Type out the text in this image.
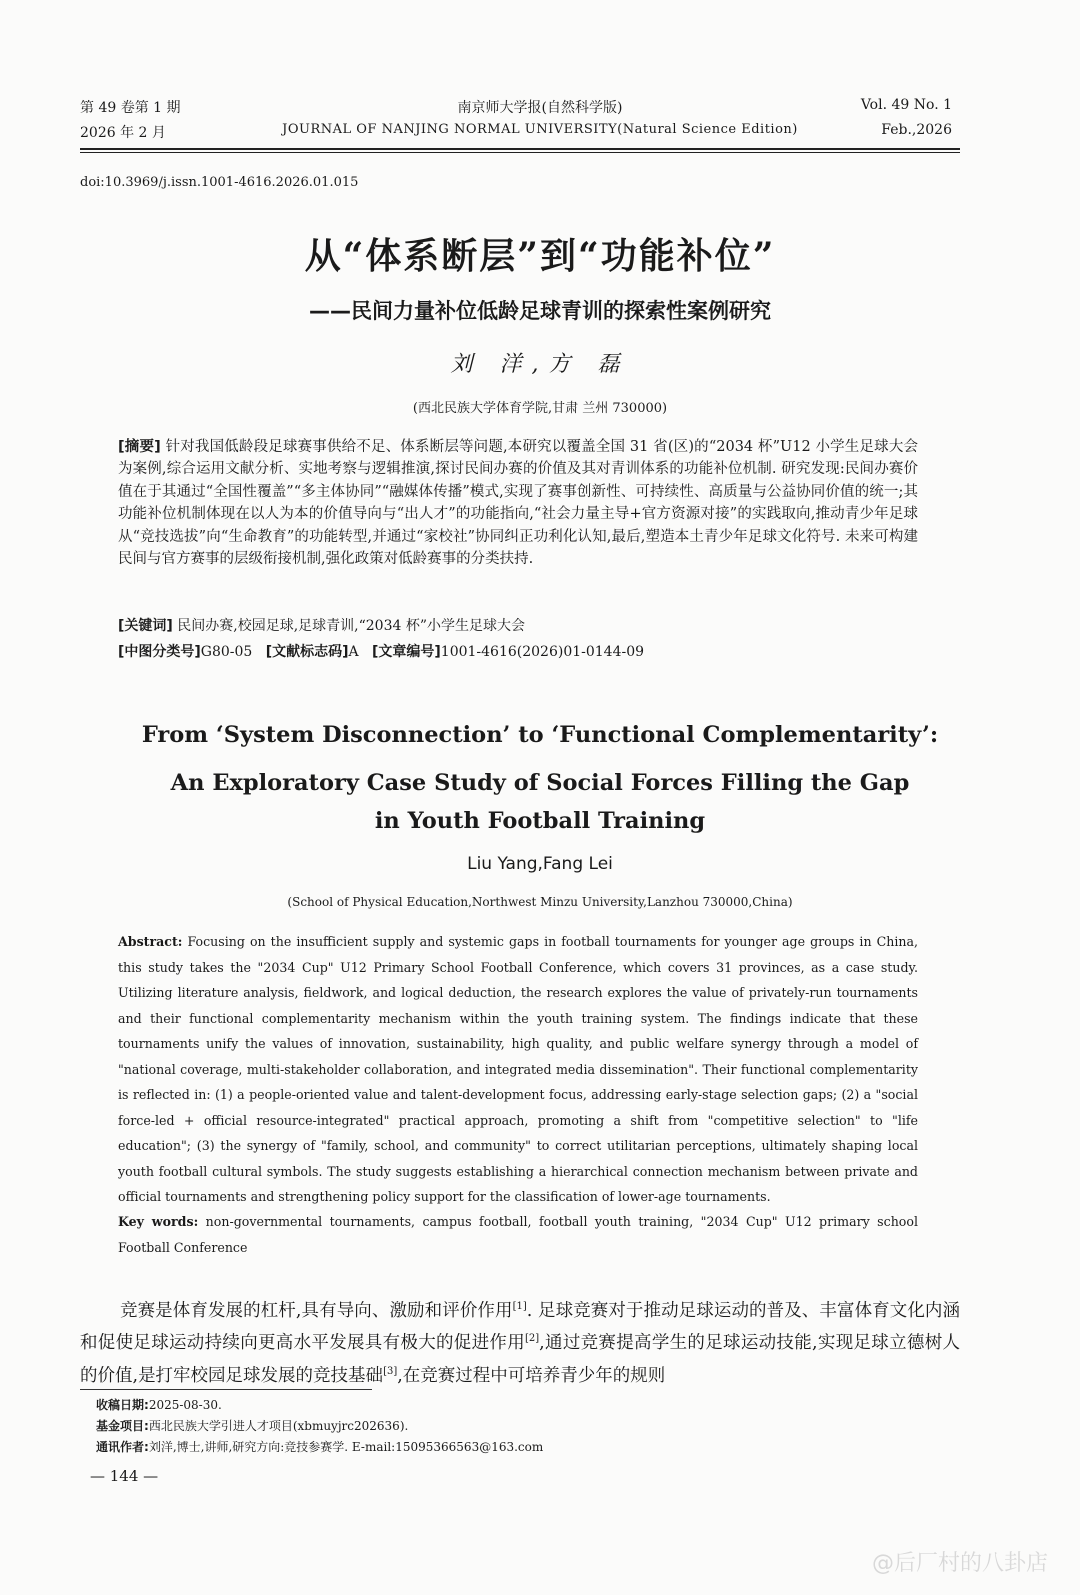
第 49 卷第 1 期
2026 年 2 月
南京师大学报(自然科学版)
JOURNAL OF NANJING NORMAL UNIVERSITY(Natural Science Edition)
Vol. 49 No. 1
Feb.,2026
doi:10.3969/j.issn.1001-4616.2026.01.015
从“体系断层”到“功能补位”
——民间力量补位低龄足球青训的探索性案例研究
刘 洋,方 磊
(西北民族大学体育学院,甘肃 兰州 730000)
[摘要] 针对我国低龄段足球赛事供给不足、体系断层等问题,本研究以覆盖全国 31 省(区)的“2034 杯”U12 小学生足球大会为案例,综合运用文献分析、实地考察与逻辑推演,探讨民间办赛的价值及其对青训体系的功能补位机制. 研究发现:民间办赛价值在于其通过“全国性覆盖”“多主体协同”“融媒体传播”模式,实现了赛事创新性、可持续性、高质量与公益协同价值的统一;其功能补位机制体现在以人为本的价值导向与“出人才”的功能指向,“社会力量主导+官方资源对接”的实践取向,推动青少年足球从“竞技选拔”向“生命教育”的功能转型,并通过“家校社”协同纠正功利化认知,最后,塑造本土青少年足球文化符号. 未来可构建民间与官方赛事的层级衔接机制,强化政策对低龄赛事的分类扶持.
[关键词] 民间办赛,校园足球,足球青训,“2034 杯”小学生足球大会
[中图分类号]G80-05 [文献标志码]A [文章编号]1001-4616(2026)01-0144-09
From ‘System Disconnection’ to ‘Functional Complementarity’:
An Exploratory Case Study of Social Forces Filling the Gap
in Youth Football Training
Liu Yang,Fang Lei
(School of Physical Education,Northwest Minzu University,Lanzhou 730000,China)
Abstract: Focusing on the insufficient supply and systemic gaps in football tournaments for younger age groups in China, this study takes the "2034 Cup" U12 Primary School Football Conference, which covers 31 provinces, as a case study. Utilizing literature analysis, fieldwork, and logical deduction, the research explores the value of privately-run tournaments and their functional complementarity mechanism within the youth training system. The findings indicate that these tournaments unify the values of innovation, sustainability, high quality, and public welfare synergy through a model of "national coverage, multi-stakeholder collaboration, and integrated media dissemination". Their functional complementarity is reflected in: (1) a people-oriented value and talent-development focus, addressing early-stage selection gaps; (2) a "social force-led + official resource-integrated" practical approach, promoting a shift from "competitive selection" to "life education"; (3) the synergy of "family, school, and community" to correct utilitarian perceptions, ultimately shaping local youth football cultural symbols. The study suggests establishing a hierarchical connection mechanism between private and official tournaments and strengthening policy support for the classification of lower-age tournaments.
Key words: non-governmental tournaments, campus football, football youth training, "2034 Cup" U12 primary school Football Conference
竞赛是体育发展的杠杆,具有导向、激励和评价作用[1]. 足球竞赛对于推动足球运动的普及、丰富体育文化内涵和促使足球运动持续向更高水平发展具有极大的促进作用[2],通过竞赛提高学生的足球运动技能,实现足球立德树人的价值,是打牢校园足球发展的竞技基础[3],在竞赛过程中可培养青少年的规则
收稿日期:2025-08-30.
基金项目:西北民族大学引进人才项目(xbmuyjrc202636).
通讯作者:刘洋,博士,讲师,研究方向:竞技参赛学. E-mail:15095366563@163.com
— 144 —
@后厂村的八卦店
